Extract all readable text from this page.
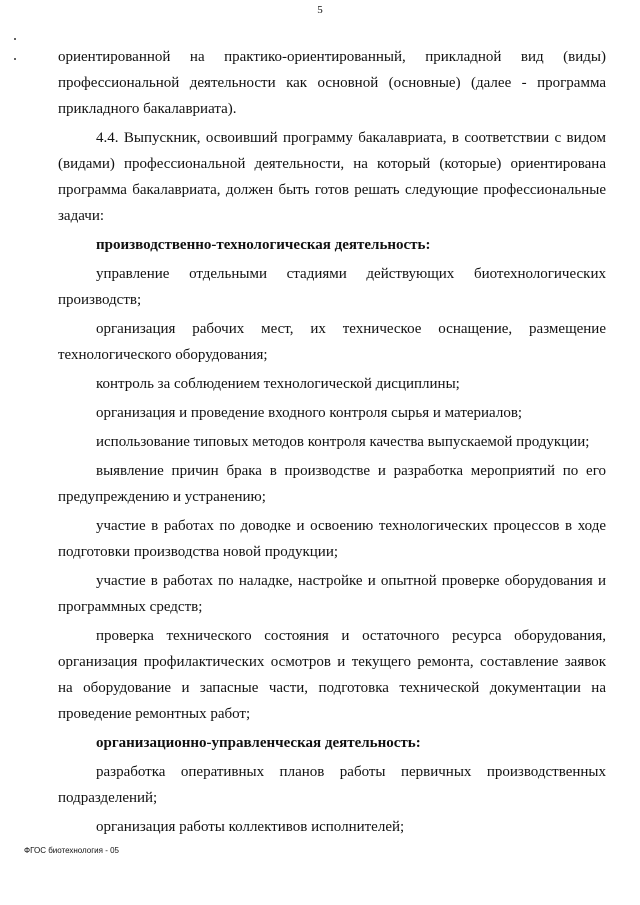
5

ориентированной на практико-ориентированный, прикладной вид (виды) профессиональной деятельности как основной (основные) (далее - программа прикладного бакалавриата).

4.4. Выпускник, освоивший программу бакалавриата, в соответствии с видом (видами) профессиональной деятельности, на который (которые) ориентирована программа бакалавриата, должен быть готов решать следующие профессиональные задачи:

производственно-технологическая деятельность:

управление отдельными стадиями действующих биотехнологических производств;

организация рабочих мест, их техническое оснащение, размещение технологического оборудования;

контроль за соблюдением технологической дисциплины;

организация и проведение входного контроля сырья и материалов;

использование типовых методов контроля качества выпускаемой продукции;

выявление причин брака в производстве и разработка мероприятий по его предупреждению и устранению;

участие в работах по доводке и освоению технологических процессов в ходе подготовки производства новой продукции;

участие в работах по наладке, настройке и опытной проверке оборудования и программных средств;

проверка технического состояния и остаточного ресурса оборудования, организация профилактических осмотров и текущего ремонта, составление заявок на оборудование и запасные части, подготовка технической документации на проведение ремонтных работ;

организационно-управленческая деятельность:

разработка оперативных планов работы первичных производственных подразделений;

организация работы коллективов исполнителей;

ФГОС биотехнология - 05
